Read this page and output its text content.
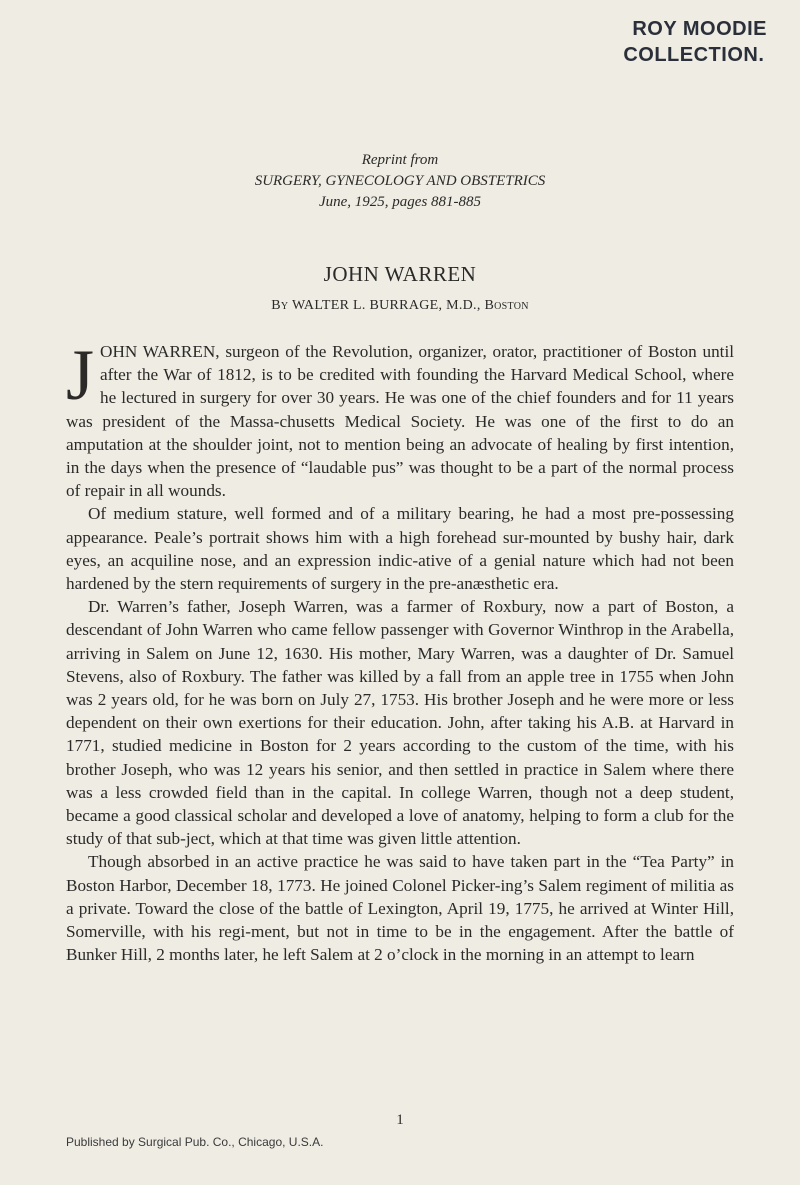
ROY MOODIE
COLLECTION.
Reprint from
SURGERY, GYNECOLOGY AND OBSTETRICS
June, 1925, pages 881-885
JOHN WARREN
By WALTER L. BURRAGE, M.D., Boston

J OHN WARREN, surgeon of the Revolution, organizer, orator, practitioner of Boston until after the War of 1812, is to be credited with founding the Harvard Medical School, where he lectured in surgery for over 30 years. He was one of the chief founders and for 11 years was president of the Massa-chusetts Medical Society. He was one of the first to do an amputation at the shoulder joint, not to mention being an advocate of healing by first intention, in the days when the presence of “laudable pus” was thought to be a part of the normal process of repair in all wounds.

Of medium stature, well formed and of a military bearing, he had a most pre-possessing appearance. Peale’s portrait shows him with a high forehead sur-mounted by bushy hair, dark eyes, an acquiline nose, and an expression indic-ative of a genial nature which had not been hardened by the stern requirements of surgery in the pre-anæsthetic era.

Dr. Warren’s father, Joseph Warren, was a farmer of Roxbury, now a part of Boston, a descendant of John Warren who came fellow passenger with Governor Winthrop in the Arabella, arriving in Salem on June 12, 1630. His mother, Mary Warren, was a daughter of Dr. Samuel Stevens, also of Roxbury. The father was killed by a fall from an apple tree in 1755 when John was 2 years old, for he was born on July 27, 1753. His brother Joseph and he were more or less dependent on their own exertions for their education. John, after taking his A.B. at Harvard in 1771, studied medicine in Boston for 2 years according to the custom of the time, with his brother Joseph, who was 12 years his senior, and then settled in practice in Salem where there was a less crowded field than in the capital. In college Warren, though not a deep student, became a good classical scholar and developed a love of anatomy, helping to form a club for the study of that sub-ject, which at that time was given little attention.

Though absorbed in an active practice he was said to have taken part in the “Tea Party” in Boston Harbor, December 18, 1773. He joined Colonel Picker-ing’s Salem regiment of militia as a private. Toward the close of the battle of Lexington, April 19, 1775, he arrived at Winter Hill, Somerville, with his regi-ment, but not in time to be in the engagement. After the battle of Bunker Hill, 2 months later, he left Salem at 2 o’clock in the morning in an attempt to learn

1
Published by Surgical Pub. Co., Chicago, U.S.A.
